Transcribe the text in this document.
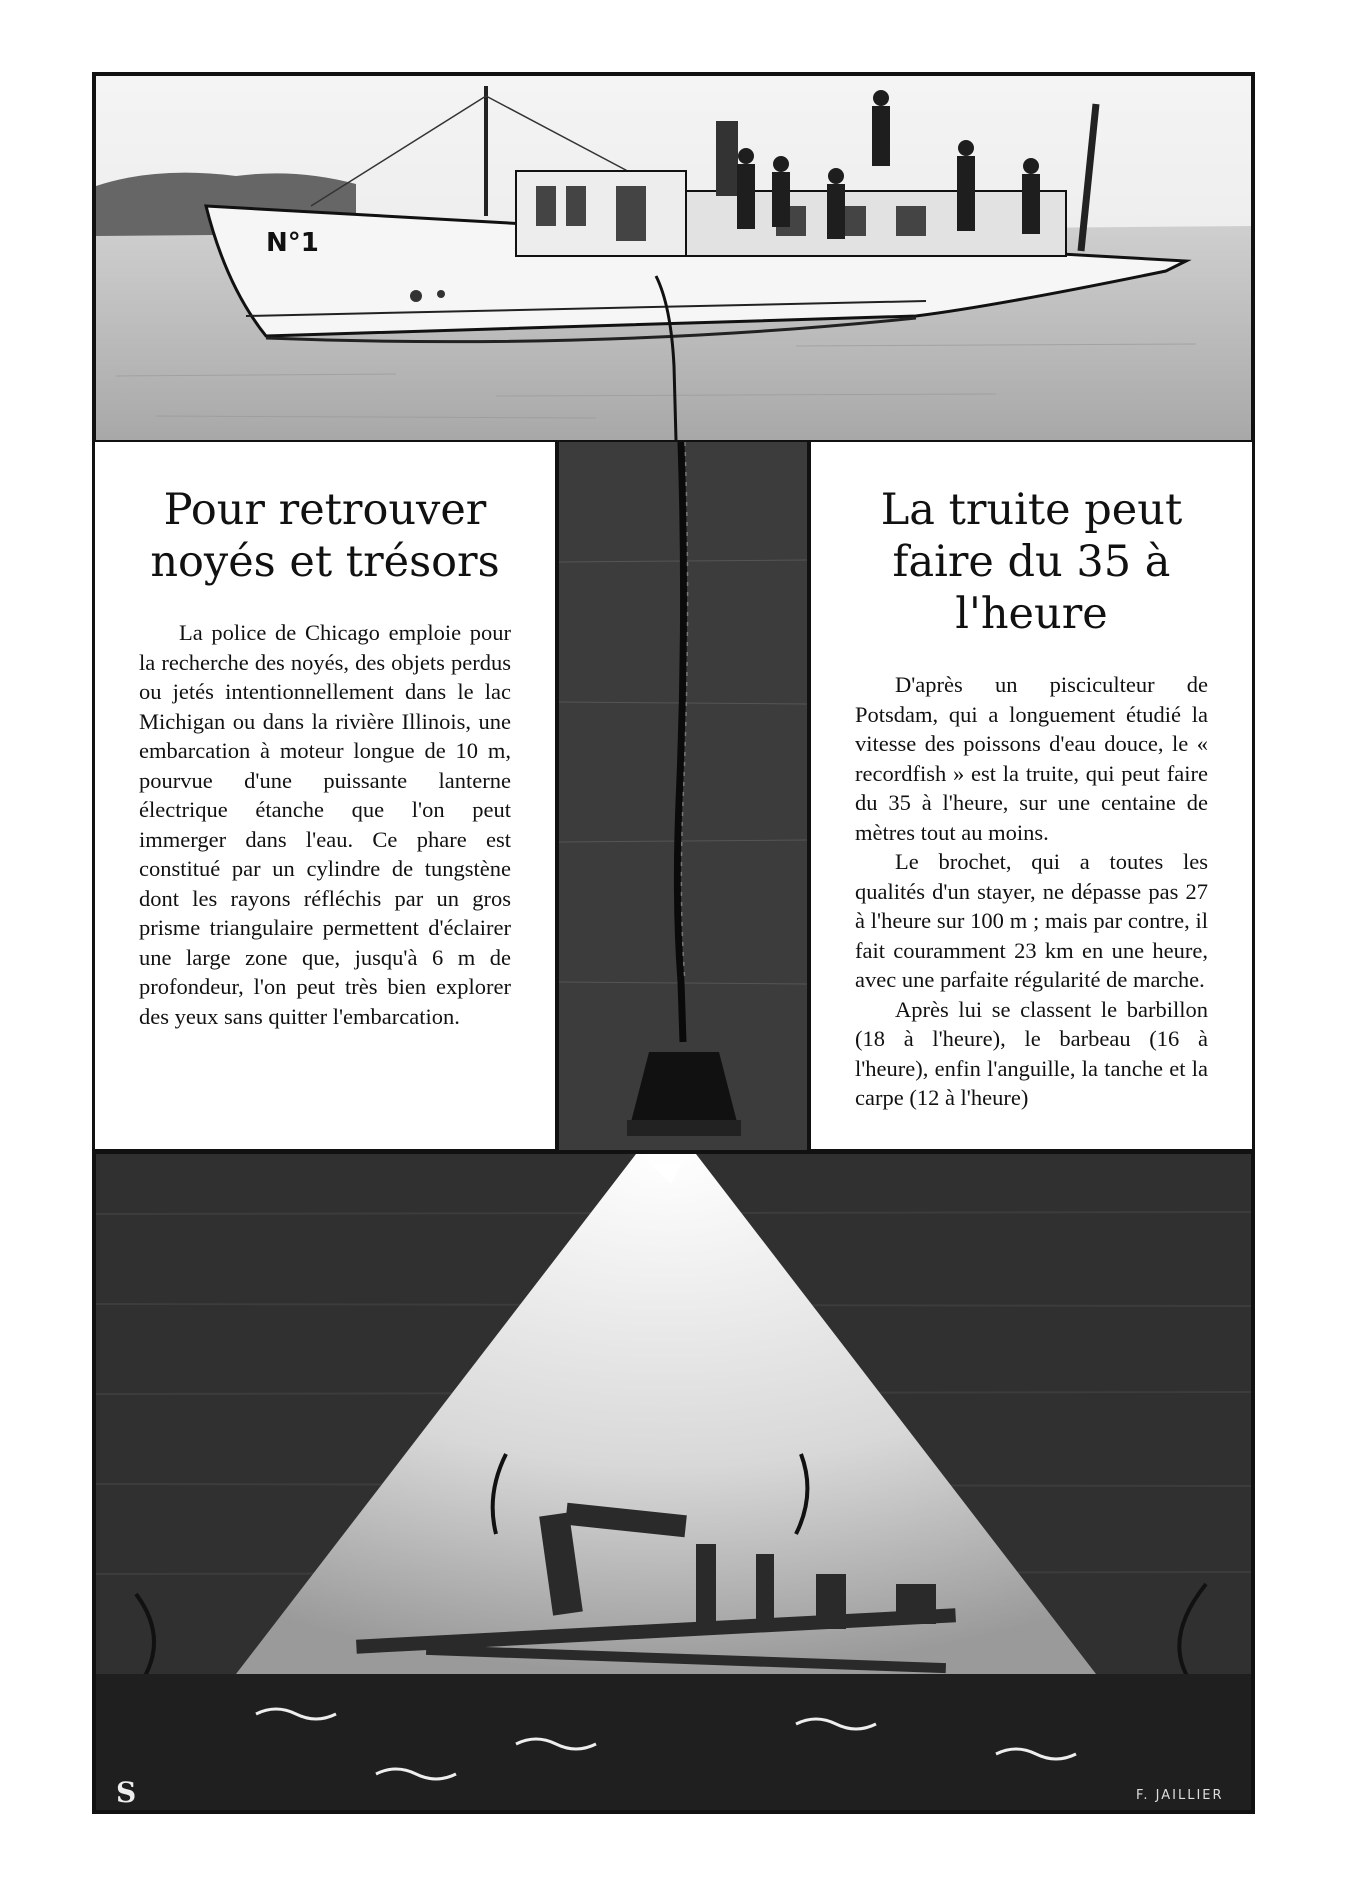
N°1
Pour retrouver
noyés et trésors

La police de Chicago emploie pour la recherche des noyés, des objets perdus ou jetés intentionnellement dans le lac Michigan ou dans la rivière Illinois, une embarcation à moteur longue de 10 m, pourvue d'une puissante lanterne électrique étanche que l'on peut immerger dans l'eau. Ce phare est constitué par un cylindre de tungstène dont les rayons réfléchis par un gros prisme triangulaire permettent d'éclairer une large zone que, jusqu'à 6 m de profondeur, l'on peut très bien explorer des yeux sans quitter l'embarcation.

La truite peut
faire du 35 à l'heure

D'après un pisciculteur de Potsdam, qui a longuement étudié la vitesse des poissons d'eau douce, le « recordfish » est la truite, qui peut faire du 35 à l'heure, sur une centaine de mètres tout au moins.

Le brochet, qui a toutes les qualités d'un stayer, ne dépasse pas 27 à l'heure sur 100 m ; mais par contre, il fait couramment 23 km en une heure, avec une parfaite régularité de marche.

Après lui se classent le barbillon (18 à l'heure), le barbeau (16 à l'heure), enfin l'anguille, la tanche et la carpe (12 à l'heure)

F. JAILLIER
S
